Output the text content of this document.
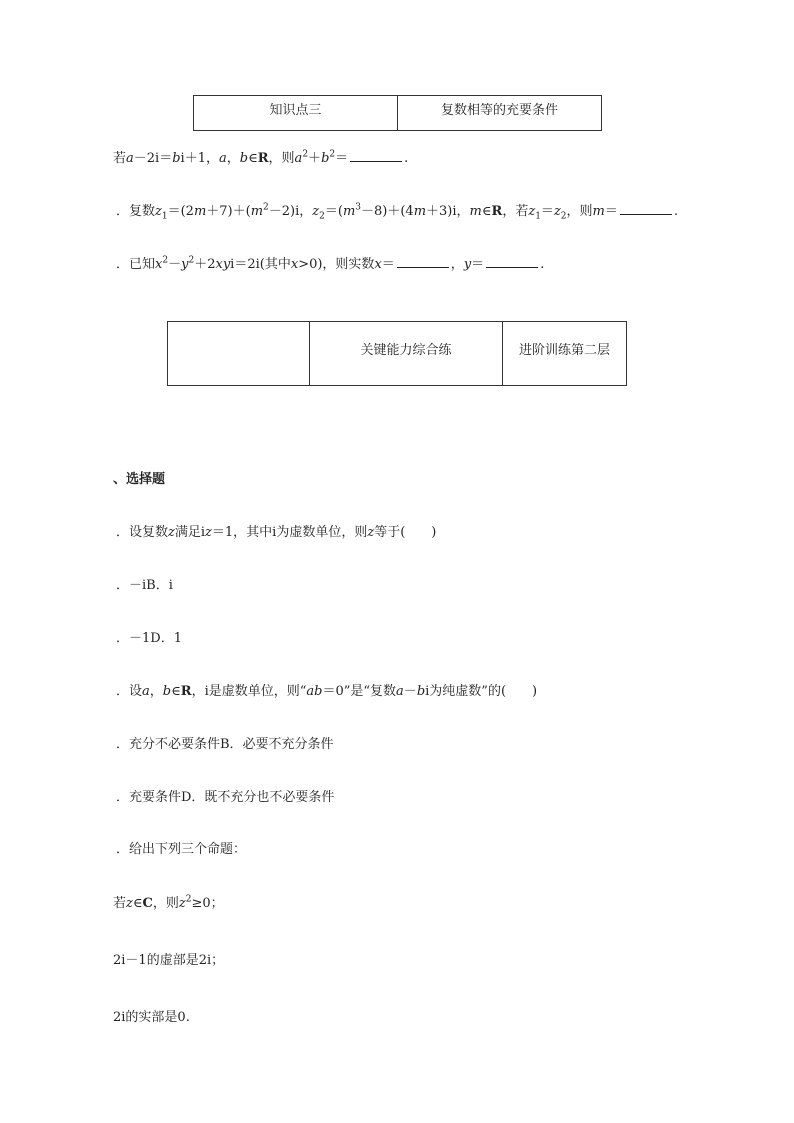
知识点三	复数相等的充要条件
若a－2i＝bi＋1，a，b∈R，则$a^2+b^2=$	.
．复数$z_1=(2m+7)+(m^2-2)i$，$z_2=(m^3-8)+(4m+3)i$，m∈R，若$z_1=z_2$，则m＝	.
．已知$x^2-y^2+2xyi=2i$(其中x>0)，则实数x＝	，y＝	.
	关键能力综合练	进阶训练第二层
、选择题
．设复数z满足iz＝1，其中i为虚数单位，则z等于(　　)
．－iB．i
．－1D．1
．设a，b∈R，i是虚数单位，则“ab＝0”是“复数a－bi为纯虚数”的(　　)
．充分不必要条件B．必要不充分条件
．充要条件D．既不充分也不必要条件
．给出下列三个命题：
若z∈C，则$z^2\ge 0$；
2i－1的虚部是2i；
2i的实部是0.
